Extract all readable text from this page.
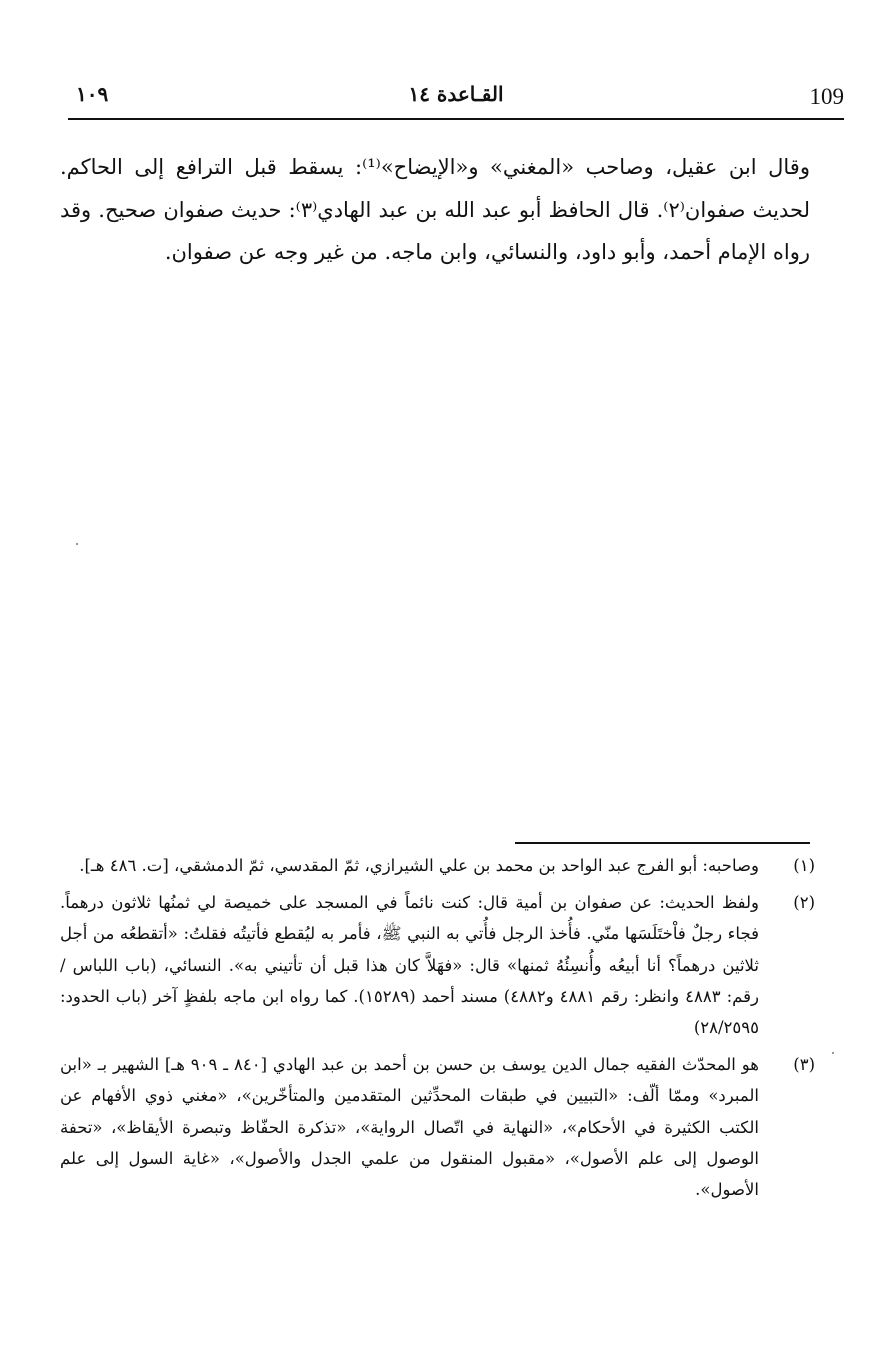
109
القـاعدة ١٤
١٠٩
وقال ابن عقيل، وصاحب «المغني» و«الإيضاح»⁽¹⁾: يسقط قبل الترافع إلى الحاكم. لحديث صفوان⁽٢⁾. قال الحافظ أبو عبد الله بن عبد الهادي⁽٣⁾: حديث صفوان صحيح. وقد رواه الإمام أحمد، وأبو داود، والنسائي، وابن ماجه. من غير وجه عن صفوان.
(١)
وصاحبه: أبو الفرج عبد الواحد بن محمد بن علي الشيرازي، ثمّ المقدسي، ثمّ الدمشقي، [ت. ٤٨٦ هـ].
(٢)
ولفظ الحديث: عن صفوان بن أمية قال: كنت نائماً في المسجد على خميصة لي ثمنُها ثلاثون درهماً. فجاء رجلٌ فاْختَلَسَها منّي. فأُخذ الرجل فأُتي به النبي ﷺ، فأمر به ليُقطع فأتيتُه فقلتُ: «أتقطعُه من أجل ثلاثين درهماً؟ أنا أبيعُه وأُنسِئُهُ ثمنها» قال: «فهَلاَّ كان هذا قبل أن تأتيني به». النسائي، (باب اللباس / رقم: ٤٨٨٣ وانظر: رقم ٤٨٨١ و٤٨٨٢) مسند أحمد (١٥٢٨٩). كما رواه ابن ماجه بلفظٍ آخر (باب الحدود: ٢٨/٢٥٩٥)
(٣)
هو المحدّث الفقيه جمال الدين يوسف بن حسن بن أحمد بن عبد الهادي [٨٤٠ ـ ٩٠٩ هـ] الشهير بـ «ابن المبرد» وممّا ألّف: «التبيين في طبقات المحدِّثين المتقدمين والمتأخّرين»، «مغني ذوي الأفهام عن الكتب الكثيرة في الأحكام»، «النهاية في اتّصال الرواية»، «تذكرة الحفّاظ وتبصرة الأيقاظ»، «تحفة الوصول إلى علم الأصول»، «مقبول المنقول من علمي الجدل والأصول»، «غاية السول إلى علم الأصول».
